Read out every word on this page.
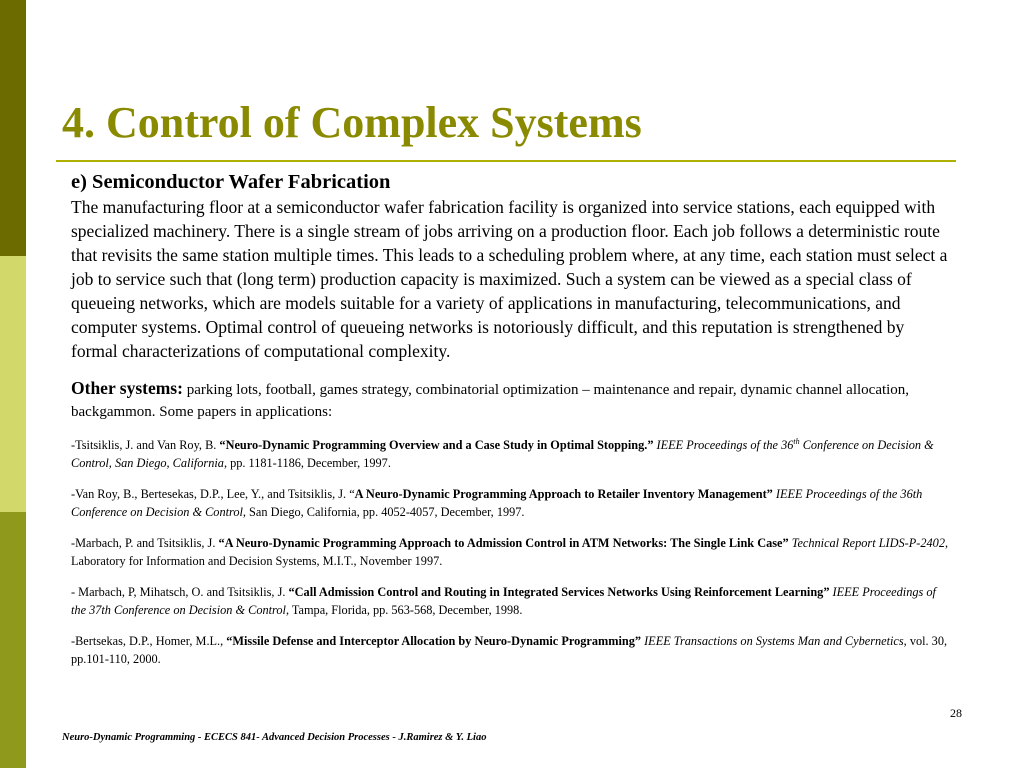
4. Control of Complex Systems
e) Semiconductor Wafer Fabrication

The manufacturing floor at a semiconductor wafer fabrication facility is organized into service stations, each equipped with specialized machinery. There is a single stream of jobs arriving on a production floor. Each job follows a deterministic route that revisits the same station multiple times. This leads to a scheduling problem where, at any time, each station must select a job to service such that (long term) production capacity is maximized. Such a system can be viewed as a special class of queueing networks, which are models suitable for a variety of applications in manufacturing, telecommunications, and computer systems. Optimal control of queueing networks is notoriously difficult, and this reputation is strengthened by formal characterizations of computational complexity.

Other systems: parking lots, football, games strategy, combinatorial optimization – maintenance and repair, dynamic channel allocation, backgammon. Some papers in applications:
-Tsitsiklis, J. and Van Roy, B. “Neuro-Dynamic Programming Overview and a Case Study in Optimal Stopping.” IEEE Proceedings of the 36th Conference on Decision & Control, San Diego, California, pp. 1181-1186, December, 1997.
-Van Roy, B., Bertesekas, D.P., Lee, Y., and Tsitsiklis, J. “A Neuro-Dynamic Programming Approach to Retailer Inventory Management” IEEE Proceedings of the 36th Conference on Decision & Control, San Diego, California, pp. 4052-4057, December, 1997.
-Marbach, P. and Tsitsiklis, J. “A Neuro-Dynamic Programming Approach to Admission Control in ATM Networks: The Single Link Case” Technical Report LIDS-P-2402, Laboratory for Information and Decision Systems, M.I.T., November 1997.
- Marbach, P, Mihatsch, O. and Tsitsiklis, J. “Call Admission Control and Routing in Integrated Services Networks Using Reinforcement Learning” IEEE Proceedings of the 37th Conference on Decision & Control, Tampa, Florida, pp. 563-568, December, 1998.
-Bertsekas, D.P., Homer, M.L., “Missile Defense and Interceptor Allocation by Neuro-Dynamic Programming” IEEE Transactions on Systems Man and Cybernetics, vol. 30, pp.101-110, 2000.
28
Neuro-Dynamic Programming - ECECS 841- Advanced Decision Processes - J.Ramirez & Y. Liao
